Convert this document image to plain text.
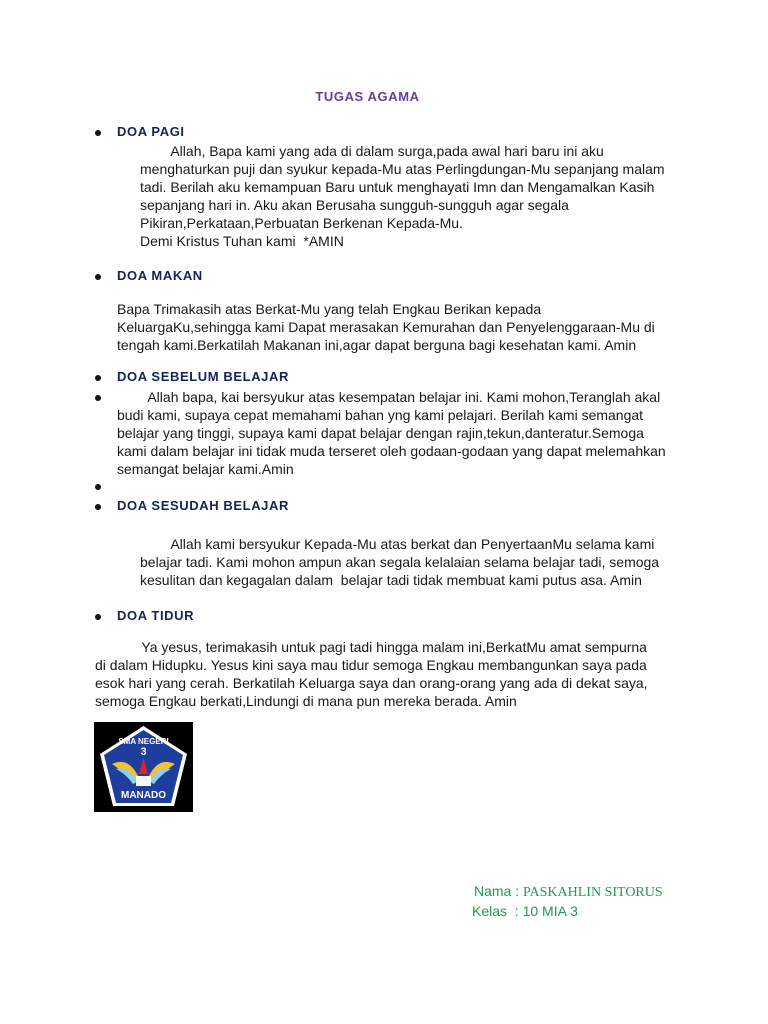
TUGAS AGAMA
DOA PAGI
Allah, Bapa kami yang ada di dalam surga,pada awal hari baru ini aku
menghaturkan puji dan syukur kepada-Mu atas Perlingdungan-Mu sepanjang malam
tadi. Berilah aku kemampuan Baru untuk menghayati Imn dan Mengamalkan Kasih
sepanjang hari in. Aku akan Berusaha sungguh-sungguh agar segala
Pikiran,Perkataan,Perbuatan Berkenan Kepada-Mu.
Demi Kristus Tuhan kami  *AMIN
DOA MAKAN
Bapa Trimakasih atas Berkat-Mu yang telah Engkau Berikan kepada
KeluargaKu,sehingga kami Dapat merasakan Kemurahan dan Penyelenggaraan-Mu di
tengah kami.Berkatilah Makanan ini,agar dapat berguna bagi kesehatan kami. Amin
DOA SEBELUM BELAJAR
Allah bapa, kai bersyukur atas kesempatan belajar ini. Kami mohon,Teranglah akal
budi kami, supaya cepat memahami bahan yng kami pelajari. Berilah kami semangat
belajar yang tinggi, supaya kami dapat belajar dengan rajin,tekun,danteratur.Semoga
kami dalam belajar ini tidak muda terseret oleh godaan-godaan yang dapat melemahkan
semangat belajar kami.Amin
DOA SESUDAH BELAJAR
Allah kami bersyukur Kepada-Mu atas berkat dan PenyertaanMu selama kami
belajar tadi. Kami mohon ampun akan segala kelalaian selama belajar tadi, semoga
kesulitan dan kegagalan dalam  belajar tadi tidak membuat kami putus asa. Amin
DOA TIDUR
Ya yesus, terimakasih untuk pagi tadi hingga malam ini,BerkatMu amat sempurna
di dalam Hidupku. Yesus kini saya mau tidur semoga Engkau membangunkan saya pada
esok hari yang cerah. Berkatilah Keluarga saya dan orang-orang yang ada di dekat saya,
semoga Engkau berkati,Lindungi di mana pun mereka berada. Amin
MANADO
3
SMA NEGERI
Nama : PASKAHLIN SITORUS
Kelas  : 10 MIA 3
